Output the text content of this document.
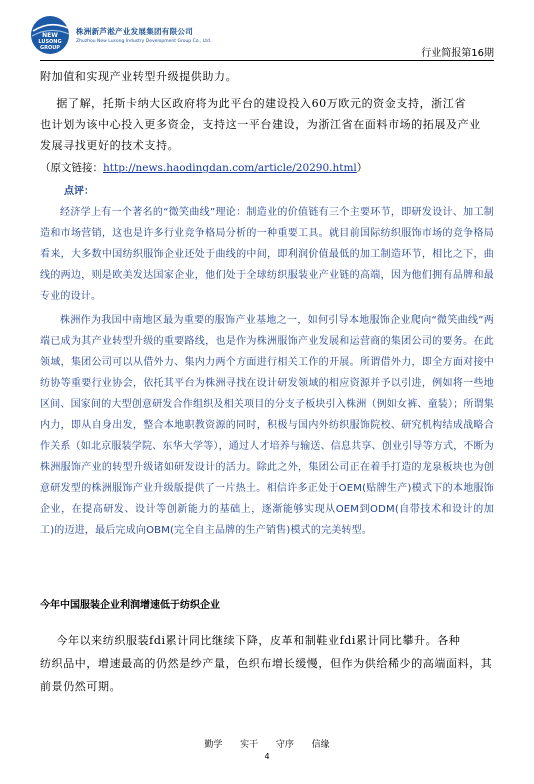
NEW
LUSONG
GROUP
株洲新芦淞产业发展集团有限公司
Zhuzhou New Lusong Industry Development Group Co., Ltd.
行业简报第16期

附加值和实现产业转型升级提供助力。

据了解，托斯卡纳大区政府将为此平台的建设投入60万欧元的资金支持，浙江省

也计划为该中心投入更多资金，支持这一平台建设，为浙江省在面料市场的拓展及产业

发展寻找更好的技术支持。

（原文链接：http://news.haodingdan.com/article/20290.html）

点评：

经济学上有一个著名的“微笑曲线”理论：制造业的价值链有三个主要环节，即研发设计、加工制造和市场营销，这也是许多行业竞争格局分析的一种重要工具。就目前国际纺织服饰市场的竞争格局看来，大多数中国纺织服饰企业还处于曲线的中间，即利润价值最低的加工制造环节，相比之下，曲线的两边，则是欧美发达国家企业，他们处于全球纺织服装业产业链的高端，因为他们拥有品牌和最专业的设计。

株洲作为我国中南地区最为重要的服饰产业基地之一，如何引导本地服饰企业爬向“微笑曲线”两端已成为其产业转型升级的重要路线，也是作为株洲服饰产业发展和运营商的集团公司的要务。在此领域，集团公司可以从借外力、集内力两个方面进行相关工作的开展。所谓借外力，即全方面对接中纺协等重要行业协会，依托其平台为株洲寻找在设计研发领域的相应资源并予以引进，例如将一些地区间、国家间的大型创意研发合作组织及相关项目的分支子板块引入株洲（例如女裤、童装）；所谓集内力，即从自身出发，整合本地职教资源的同时，积极与国内外纺织服饰院校、研究机构结成战略合作关系（如北京服装学院、东华大学等），通过人才培养与输送、信息共享、创业引导等方式，不断为株洲服饰产业的转型升级诸如研发设计的活力。除此之外，集团公司正在着手打造的龙泉板块也为创意研发型的株洲服饰产业升级版提供了一片热土。相信许多正处于OEM(贴牌生产)模式下的本地服饰企业，在提高研发、设计等创新能力的基础上，逐渐能够实现从OEM到ODM(自带技术和设计的加工)的迈进，最后完成向OBM(完全自主品牌的生产销售)模式的完美转型。

今年中国服装企业利润增速低于纺织企业

今年以来纺织服装fdi累计同比继续下降，皮革和制鞋业fdi累计同比攀升。各种

纺织品中，增速最高的仍然是纱产量，色织布增长缓慢，但作为供给稀少的高端面料，其

前景仍然可期。

勤学  实干  守序  信缘
4
